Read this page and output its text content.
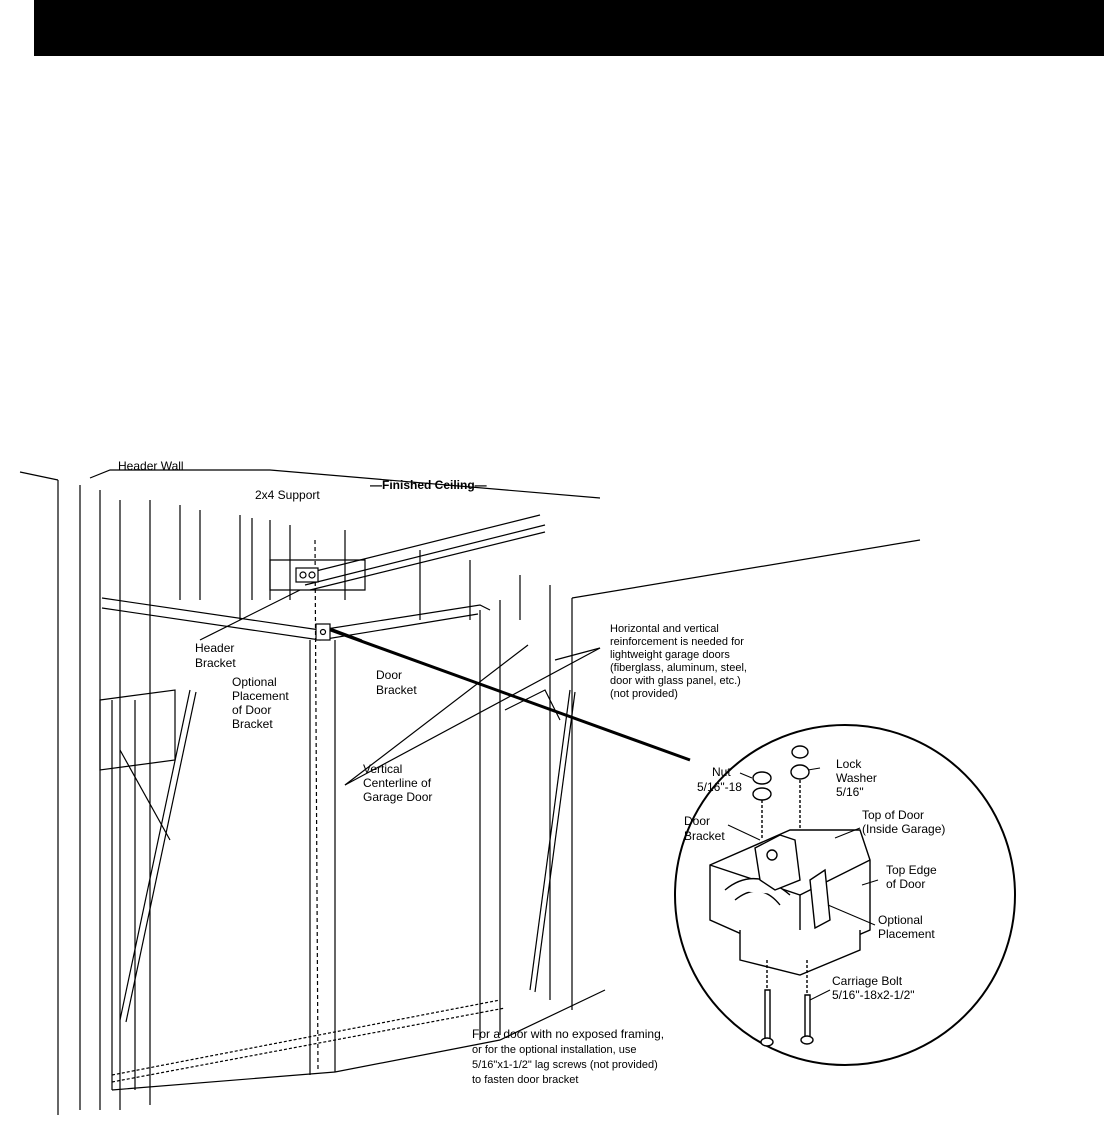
Header Wall
2x4 Support
—Finished Ceiling—
Header
Bracket
Door
Bracket
Optional
Placement
of Door
Bracket
Vertical
Centerline of
Garage Door
Horizontal and vertical
reinforcement is needed for
lightweight garage doors
(fiberglass, aluminum, steel,
door with glass panel, etc.)
(not provided)
Nut
5/16"-18
Lock
Washer
5/16"
Door
Bracket
Top of Door
(Inside Garage)
Top Edge
of Door
Optional
Placement
Carriage Bolt
5/16"-18x2-1/2"
For a door with no exposed framing,
or for the optional installation, use
5/16"x1-1/2" lag screws (not provided)
to fasten door bracket
